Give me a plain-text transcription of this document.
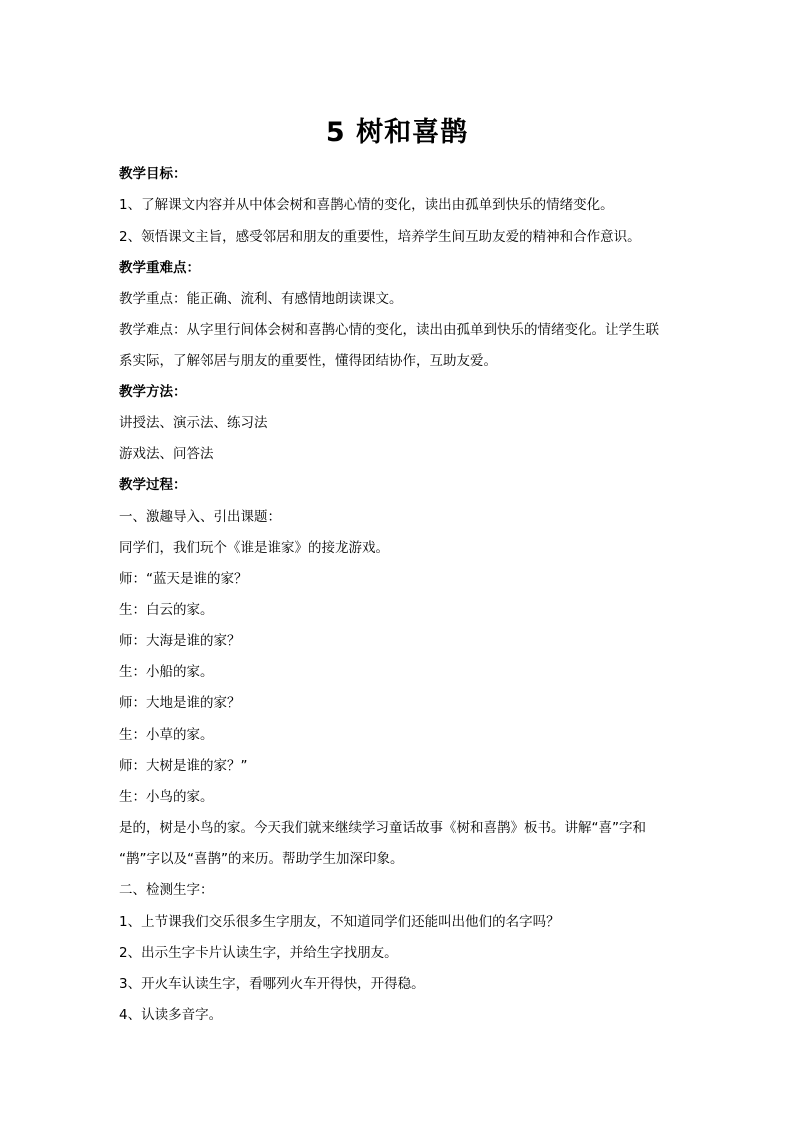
5 树和喜鹊
教学目标：
1、了解课文内容并从中体会树和喜鹊心情的变化，读出由孤单到快乐的情绪变化。
2、领悟课文主旨，感受邻居和朋友的重要性，培养学生间互助友爱的精神和合作意识。
教学重难点：
教学重点：能正确、流利、有感情地朗读课文。
教学难点：从字里行间体会树和喜鹊心情的变化，读出由孤单到快乐的情绪变化。让学生联
系实际，了解邻居与朋友的重要性，懂得团结协作，互助友爱。
教学方法：
讲授法、演示法、练习法
游戏法、问答法
教学过程：
一、激趣导入、引出课题：
同学们，我们玩个《谁是谁家》的接龙游戏。
师：“蓝天是谁的家？
生：白云的家。
师：大海是谁的家？
生：小船的家。
师：大地是谁的家？
生：小草的家。
师：大树是谁的家？”
生：小鸟的家。
是的，树是小鸟的家。今天我们就来继续学习童话故事《树和喜鹊》板书。讲解“喜”字和
“鹊”字以及“喜鹊”的来历。帮助学生加深印象。
二、检测生字：
1、上节课我们交乐很多生字朋友，不知道同学们还能叫出他们的名字吗？
2、出示生字卡片认读生字，并给生字找朋友。
3、开火车认读生字，看哪列火车开得快，开得稳。
4、认读多音字。
